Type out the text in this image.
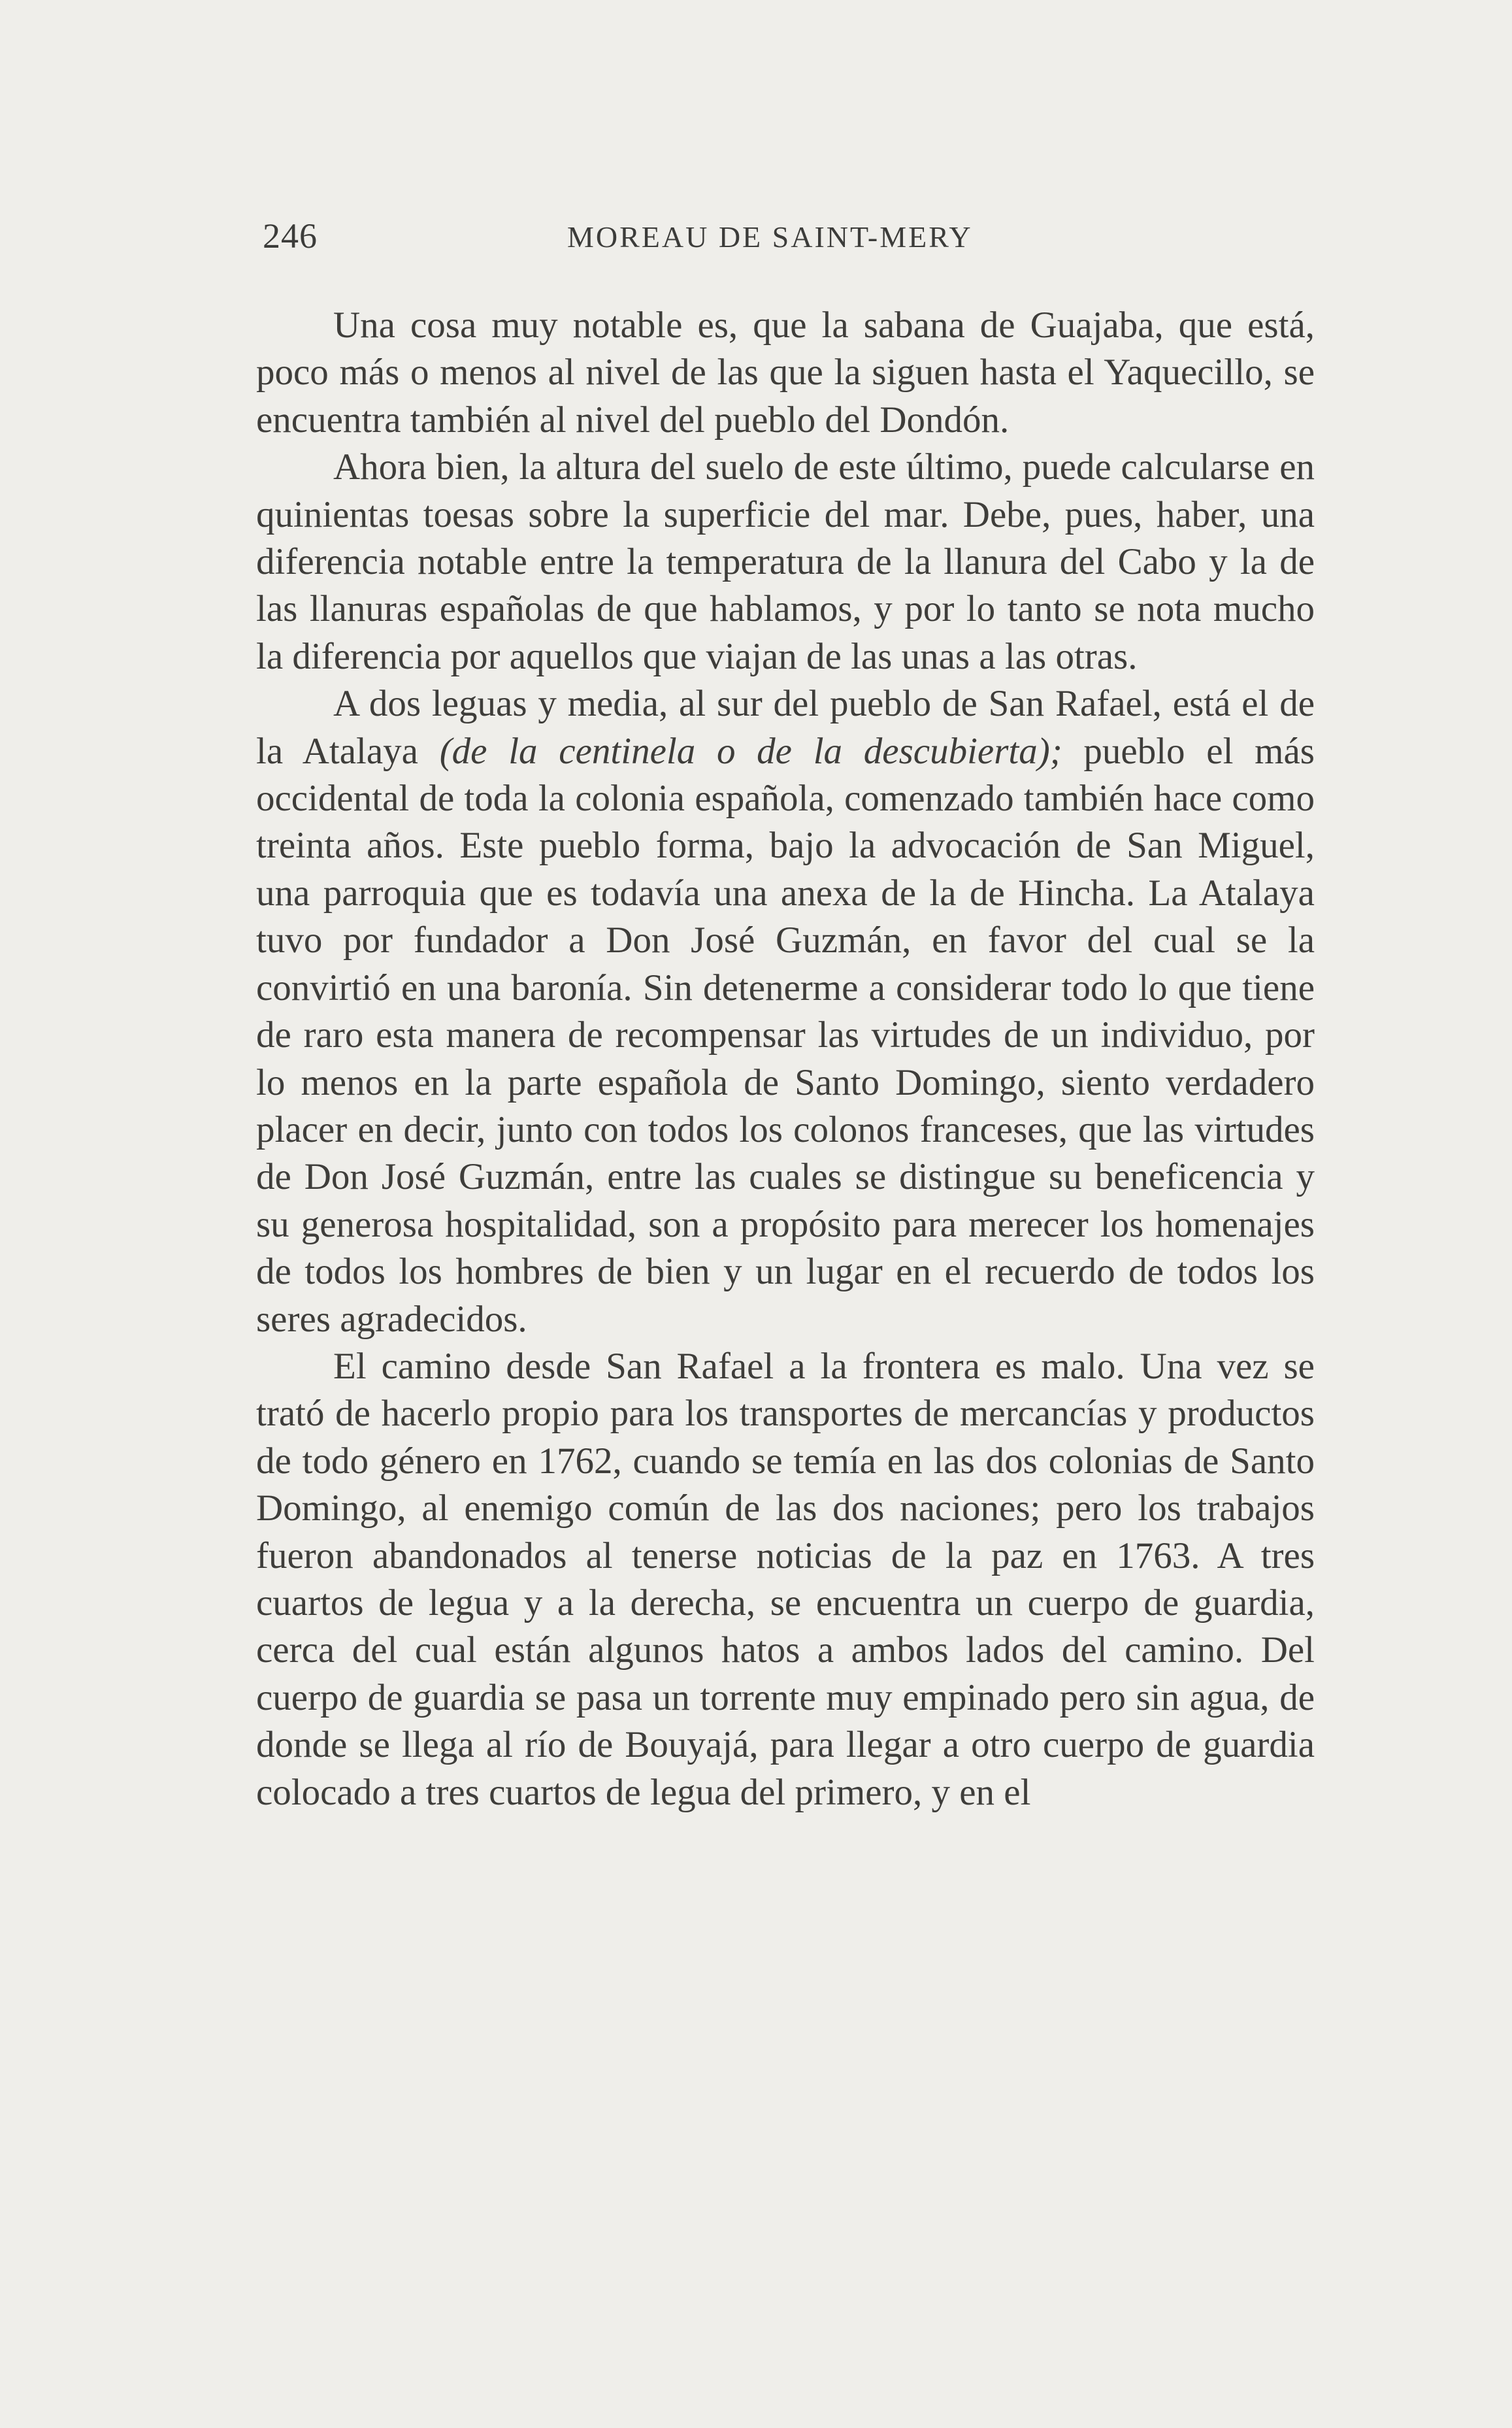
246	MOREAU DE SAINT-MERY

Una cosa muy notable es, que la sabana de Guajaba, que está, poco más o menos al nivel de las que la siguen hasta el Yaquecillo, se encuentra también al nivel del pueblo del Dondón.

Ahora bien, la altura del suelo de este último, puede calcularse en quinientas toesas sobre la superficie del mar. Debe, pues, haber, una diferencia notable entre la temperatura de la llanura del Cabo y la de las llanuras españolas de que hablamos, y por lo tanto se nota mucho la diferencia por aquellos que viajan de las unas a las otras.

A dos leguas y media, al sur del pueblo de San Rafael, está el de la Atalaya (de la centinela o de la descubierta); pueblo el más occidental de toda la colonia española, comenzado también hace como treinta años. Este pueblo forma, bajo la advocación de San Miguel, una parroquia que es todavía una anexa de la de Hincha. La Atalaya tuvo por fundador a Don José Guzmán, en favor del cual se la convirtió en una baronía. Sin detenerme a considerar todo lo que tiene de raro esta manera de recompensar las virtudes de un individuo, por lo menos en la parte española de Santo Domingo, siento verdadero placer en decir, junto con todos los colonos franceses, que las virtudes de Don José Guzmán, entre las cuales se distingue su beneficencia y su generosa hospitalidad, son a propósito para merecer los homenajes de todos los hombres de bien y un lugar en el recuerdo de todos los seres agradecidos.

El camino desde San Rafael a la frontera es malo. Una vez se trató de hacerlo propio para los transportes de mercancías y productos de todo género en 1762, cuando se temía en las dos colonias de Santo Domingo, al enemigo común de las dos naciones; pero los trabajos fueron abandonados al tenerse noticias de la paz en 1763. A tres cuartos de legua y a la derecha, se encuentra un cuerpo de guardia, cerca del cual están algunos hatos a ambos lados del camino. Del cuerpo de guardia se pasa un torrente muy empinado pero sin agua, de donde se llega al río de Bouyajá, para llegar a otro cuerpo de guardia colocado a tres cuartos de legua del primero, y en el
